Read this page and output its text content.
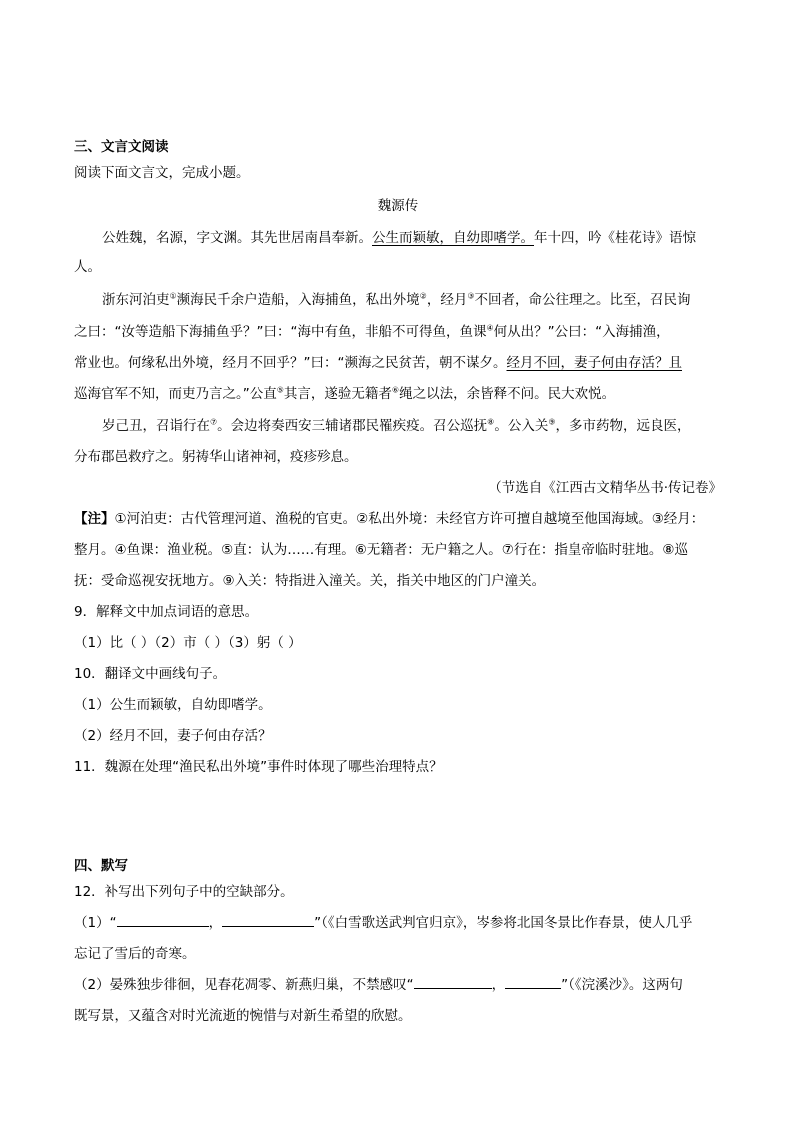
三、文言文阅读
阅读下面文言文，完成小题。
魏源传
公姓魏，名源，字文渊。其先世居南昌奉新。公生而颖敏，自幼即嗜学。年十四，吟《桂花诗》语惊
人。
浙东河泊吏①濒海民千余户造船，入海捕鱼，私出外境②，经月③不回者，命公往理之。比至，召民询
之曰：“汝等造船下海捕鱼乎？”曰：“海中有鱼，非船不可得鱼，鱼课④何从出？”公曰：“入海捕渔，
常业也。何缘私出外境，经月不回乎？”曰：“濒海之民贫苦，朝不谋夕。经月不回，妻子何由存活？且
巡海官军不知，而吏乃言之。”公直⑤其言，遂验无籍者⑥绳之以法，余皆释不问。民大欢悦。
岁己丑，召诣行在⑦。会边将奏西安三辅诸郡民罹疾疫。召公巡抚⑧。公入关⑨，多市药物，远良医，
分布郡邑救疗之。躬祷华山诸神祠，疫疹殄息。
（节选自《江西古文精华丛书·传记卷》
【注】①河泊吏：古代管理河道、渔税的官吏。②私出外境：未经官方许可擅自越境至他国海域。③经月：
整月。④鱼课：渔业税。⑤直：认为……有理。⑥无籍者：无户籍之人。⑦行在：指皇帝临时驻地。⑧巡
抚：受命巡视安抚地方。⑨入关：特指进入潼关。关，指关中地区的门户潼关。
9．解释文中加点词语的意思。
（1）比（ ）（2）市（ ）（3）躬（ ）
10．翻译文中画线句子。
（1）公生而颖敏，自幼即嗜学。
（2）经月不回，妻子何由存活？
11．魏源在处理“渔民私出外境”事件时体现了哪些治理特点？
四、默写
12．补写出下列句子中的空缺部分。
（1）“	，	”（《白雪歌送武判官归京》，岑参将北国冬景比作春景，使人几乎
忘记了雪后的奇寒。
（2）晏殊独步徘徊，见春花凋零、新燕归巢，不禁感叹“	，	”（《浣溪沙》。这两句
既写景，又蕴含对时光流逝的惋惜与对新生希望的欣慰。
